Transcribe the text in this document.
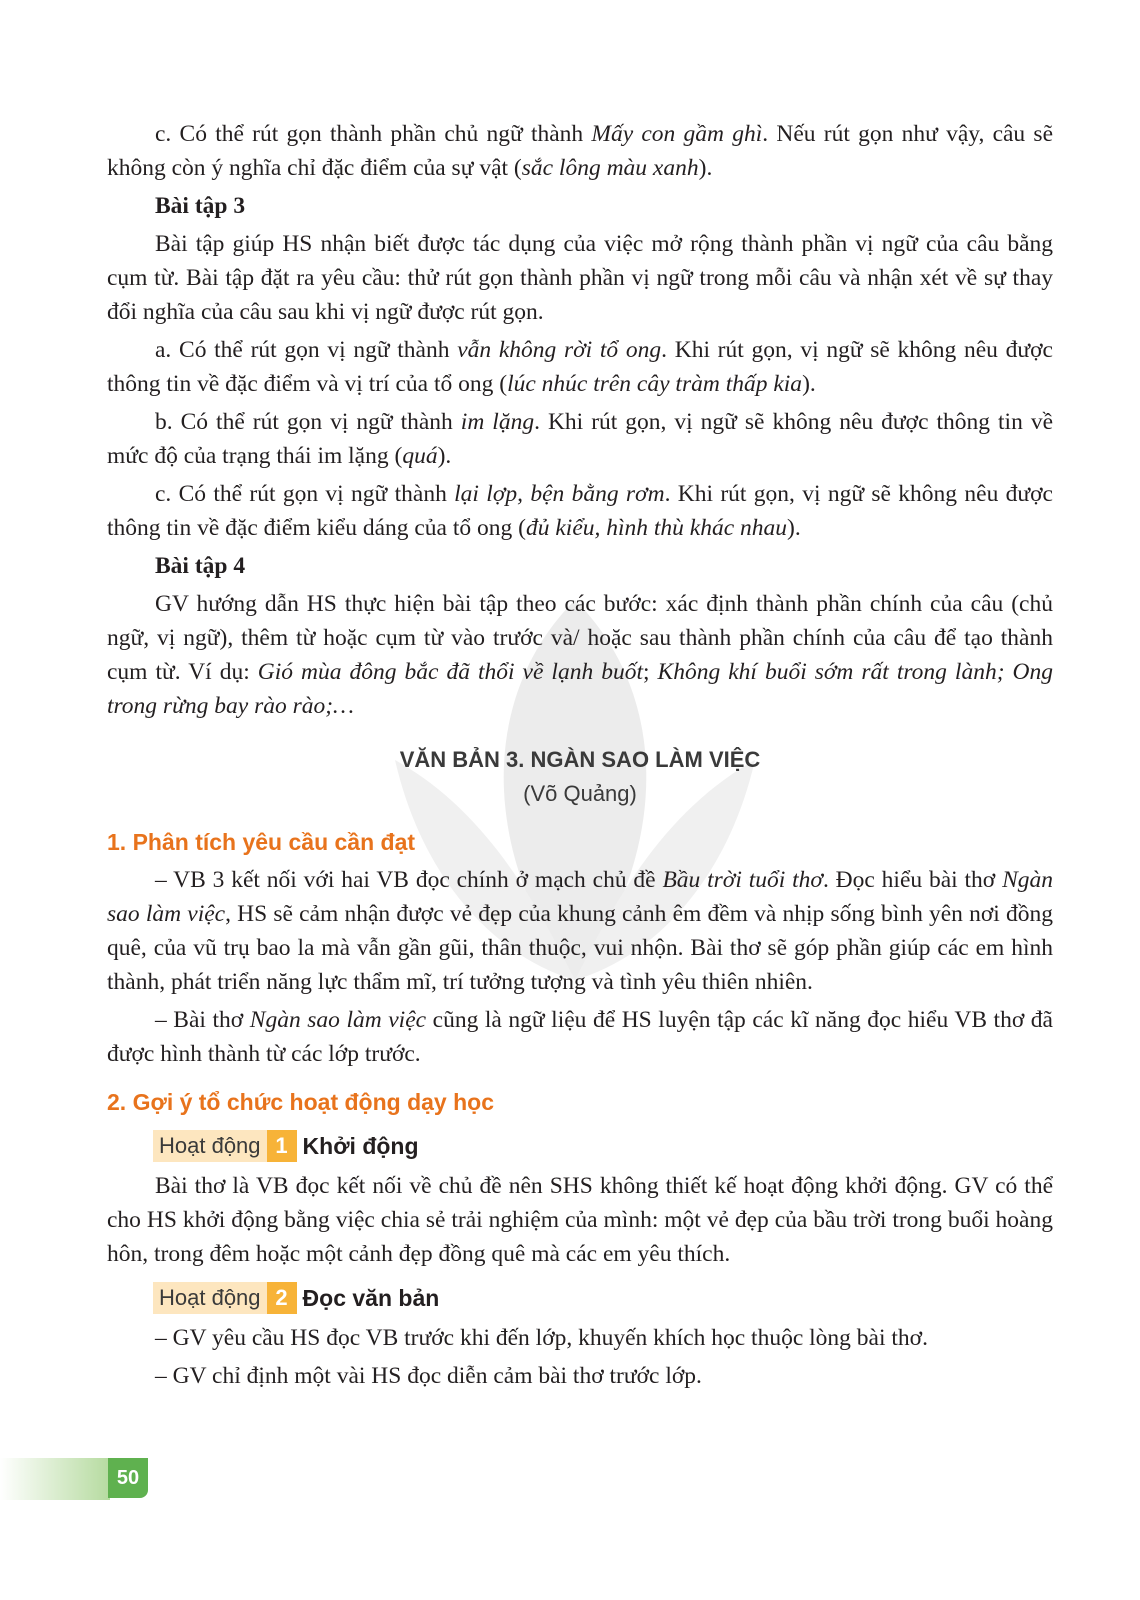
c. Có thể rút gọn thành phần chủ ngữ thành Mấy con gầm ghì. Nếu rút gọn như vậy, câu sẽ không còn ý nghĩa chỉ đặc điểm của sự vật (sắc lông màu xanh).

Bài tập 3

Bài tập giúp HS nhận biết được tác dụng của việc mở rộng thành phần vị ngữ của câu bằng cụm từ. Bài tập đặt ra yêu cầu: thử rút gọn thành phần vị ngữ trong mỗi câu và nhận xét về sự thay đổi nghĩa của câu sau khi vị ngữ được rút gọn.

a. Có thể rút gọn vị ngữ thành vẫn không rời tổ ong. Khi rút gọn, vị ngữ sẽ không nêu được thông tin về đặc điểm và vị trí của tổ ong (lúc nhúc trên cây tràm thấp kia).

b. Có thể rút gọn vị ngữ thành im lặng. Khi rút gọn, vị ngữ sẽ không nêu được thông tin về mức độ của trạng thái im lặng (quá).

c. Có thể rút gọn vị ngữ thành lại lợp, bện bằng rơm. Khi rút gọn, vị ngữ sẽ không nêu được thông tin về đặc điểm kiểu dáng của tổ ong (đủ kiểu, hình thù khác nhau).

Bài tập 4

GV hướng dẫn HS thực hiện bài tập theo các bước: xác định thành phần chính của câu (chủ ngữ, vị ngữ), thêm từ hoặc cụm từ vào trước và/ hoặc sau thành phần chính của câu để tạo thành cụm từ. Ví dụ: Gió mùa đông bắc đã thổi về lạnh buốt; Không khí buổi sớm rất trong lành; Ong trong rừng bay rào rào;…

VĂN BẢN 3. NGÀN SAO LÀM VIỆC
(Võ Quảng)
1. Phân tích yêu cầu cần đạt

– VB 3 kết nối với hai VB đọc chính ở mạch chủ đề Bầu trời tuổi thơ. Đọc hiểu bài thơ Ngàn sao làm việc, HS sẽ cảm nhận được vẻ đẹp của khung cảnh êm đềm và nhịp sống bình yên nơi đồng quê, của vũ trụ bao la mà vẫn gần gũi, thân thuộc, vui nhộn. Bài thơ sẽ góp phần giúp các em hình thành, phát triển năng lực thẩm mĩ, trí tưởng tượng và tình yêu thiên nhiên.

– Bài thơ Ngàn sao làm việc cũng là ngữ liệu để HS luyện tập các kĩ năng đọc hiểu VB thơ đã được hình thành từ các lớp trước.

2. Gợi ý tổ chức hoạt động dạy học
Hoạt động 1 Khởi động

Bài thơ là VB đọc kết nối về chủ đề nên SHS không thiết kế hoạt động khởi động. GV có thể cho HS khởi động bằng việc chia sẻ trải nghiệm của mình: một vẻ đẹp của bầu trời trong buổi hoàng hôn, trong đêm hoặc một cảnh đẹp đồng quê mà các em yêu thích.

Hoạt động 2 Đọc văn bản

– GV yêu cầu HS đọc VB trước khi đến lớp, khuyến khích học thuộc lòng bài thơ.

– GV chỉ định một vài HS đọc diễn cảm bài thơ trước lớp.

50
